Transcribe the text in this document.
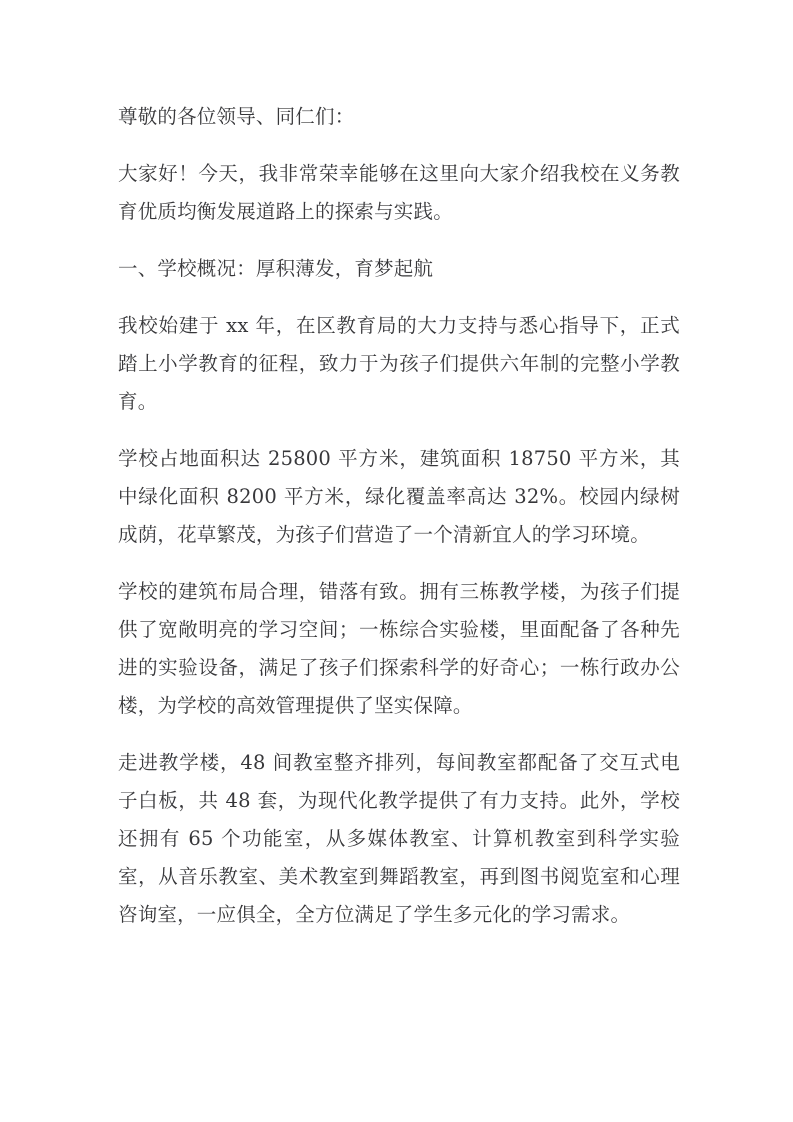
尊敬的各位领导、同仁们：

大家好！今天，我非常荣幸能够在这里向大家介绍我校在义务教育优质均衡发展道路上的探索与实践。

一、学校概况：厚积薄发，育梦起航

我校始建于 xx 年，在区教育局的大力支持与悉心指导下，正式踏上小学教育的征程，致力于为孩子们提供六年制的完整小学教育。

学校占地面积达 25800 平方米，建筑面积 18750 平方米，其中绿化面积 8200 平方米，绿化覆盖率高达 32%。校园内绿树成荫，花草繁茂，为孩子们营造了一个清新宜人的学习环境。

学校的建筑布局合理，错落有致。拥有三栋教学楼，为孩子们提供了宽敞明亮的学习空间；一栋综合实验楼，里面配备了各种先进的实验设备，满足了孩子们探索科学的好奇心；一栋行政办公楼，为学校的高效管理提供了坚实保障。

走进教学楼，48 间教室整齐排列，每间教室都配备了交互式电子白板，共 48 套，为现代化教学提供了有力支持。此外，学校还拥有 65 个功能室，从多媒体教室、计算机教室到科学实验室，从音乐教室、美术教室到舞蹈教室，再到图书阅览室和心理咨询室，一应俱全，全方位满足了学生多元化的学习需求。
